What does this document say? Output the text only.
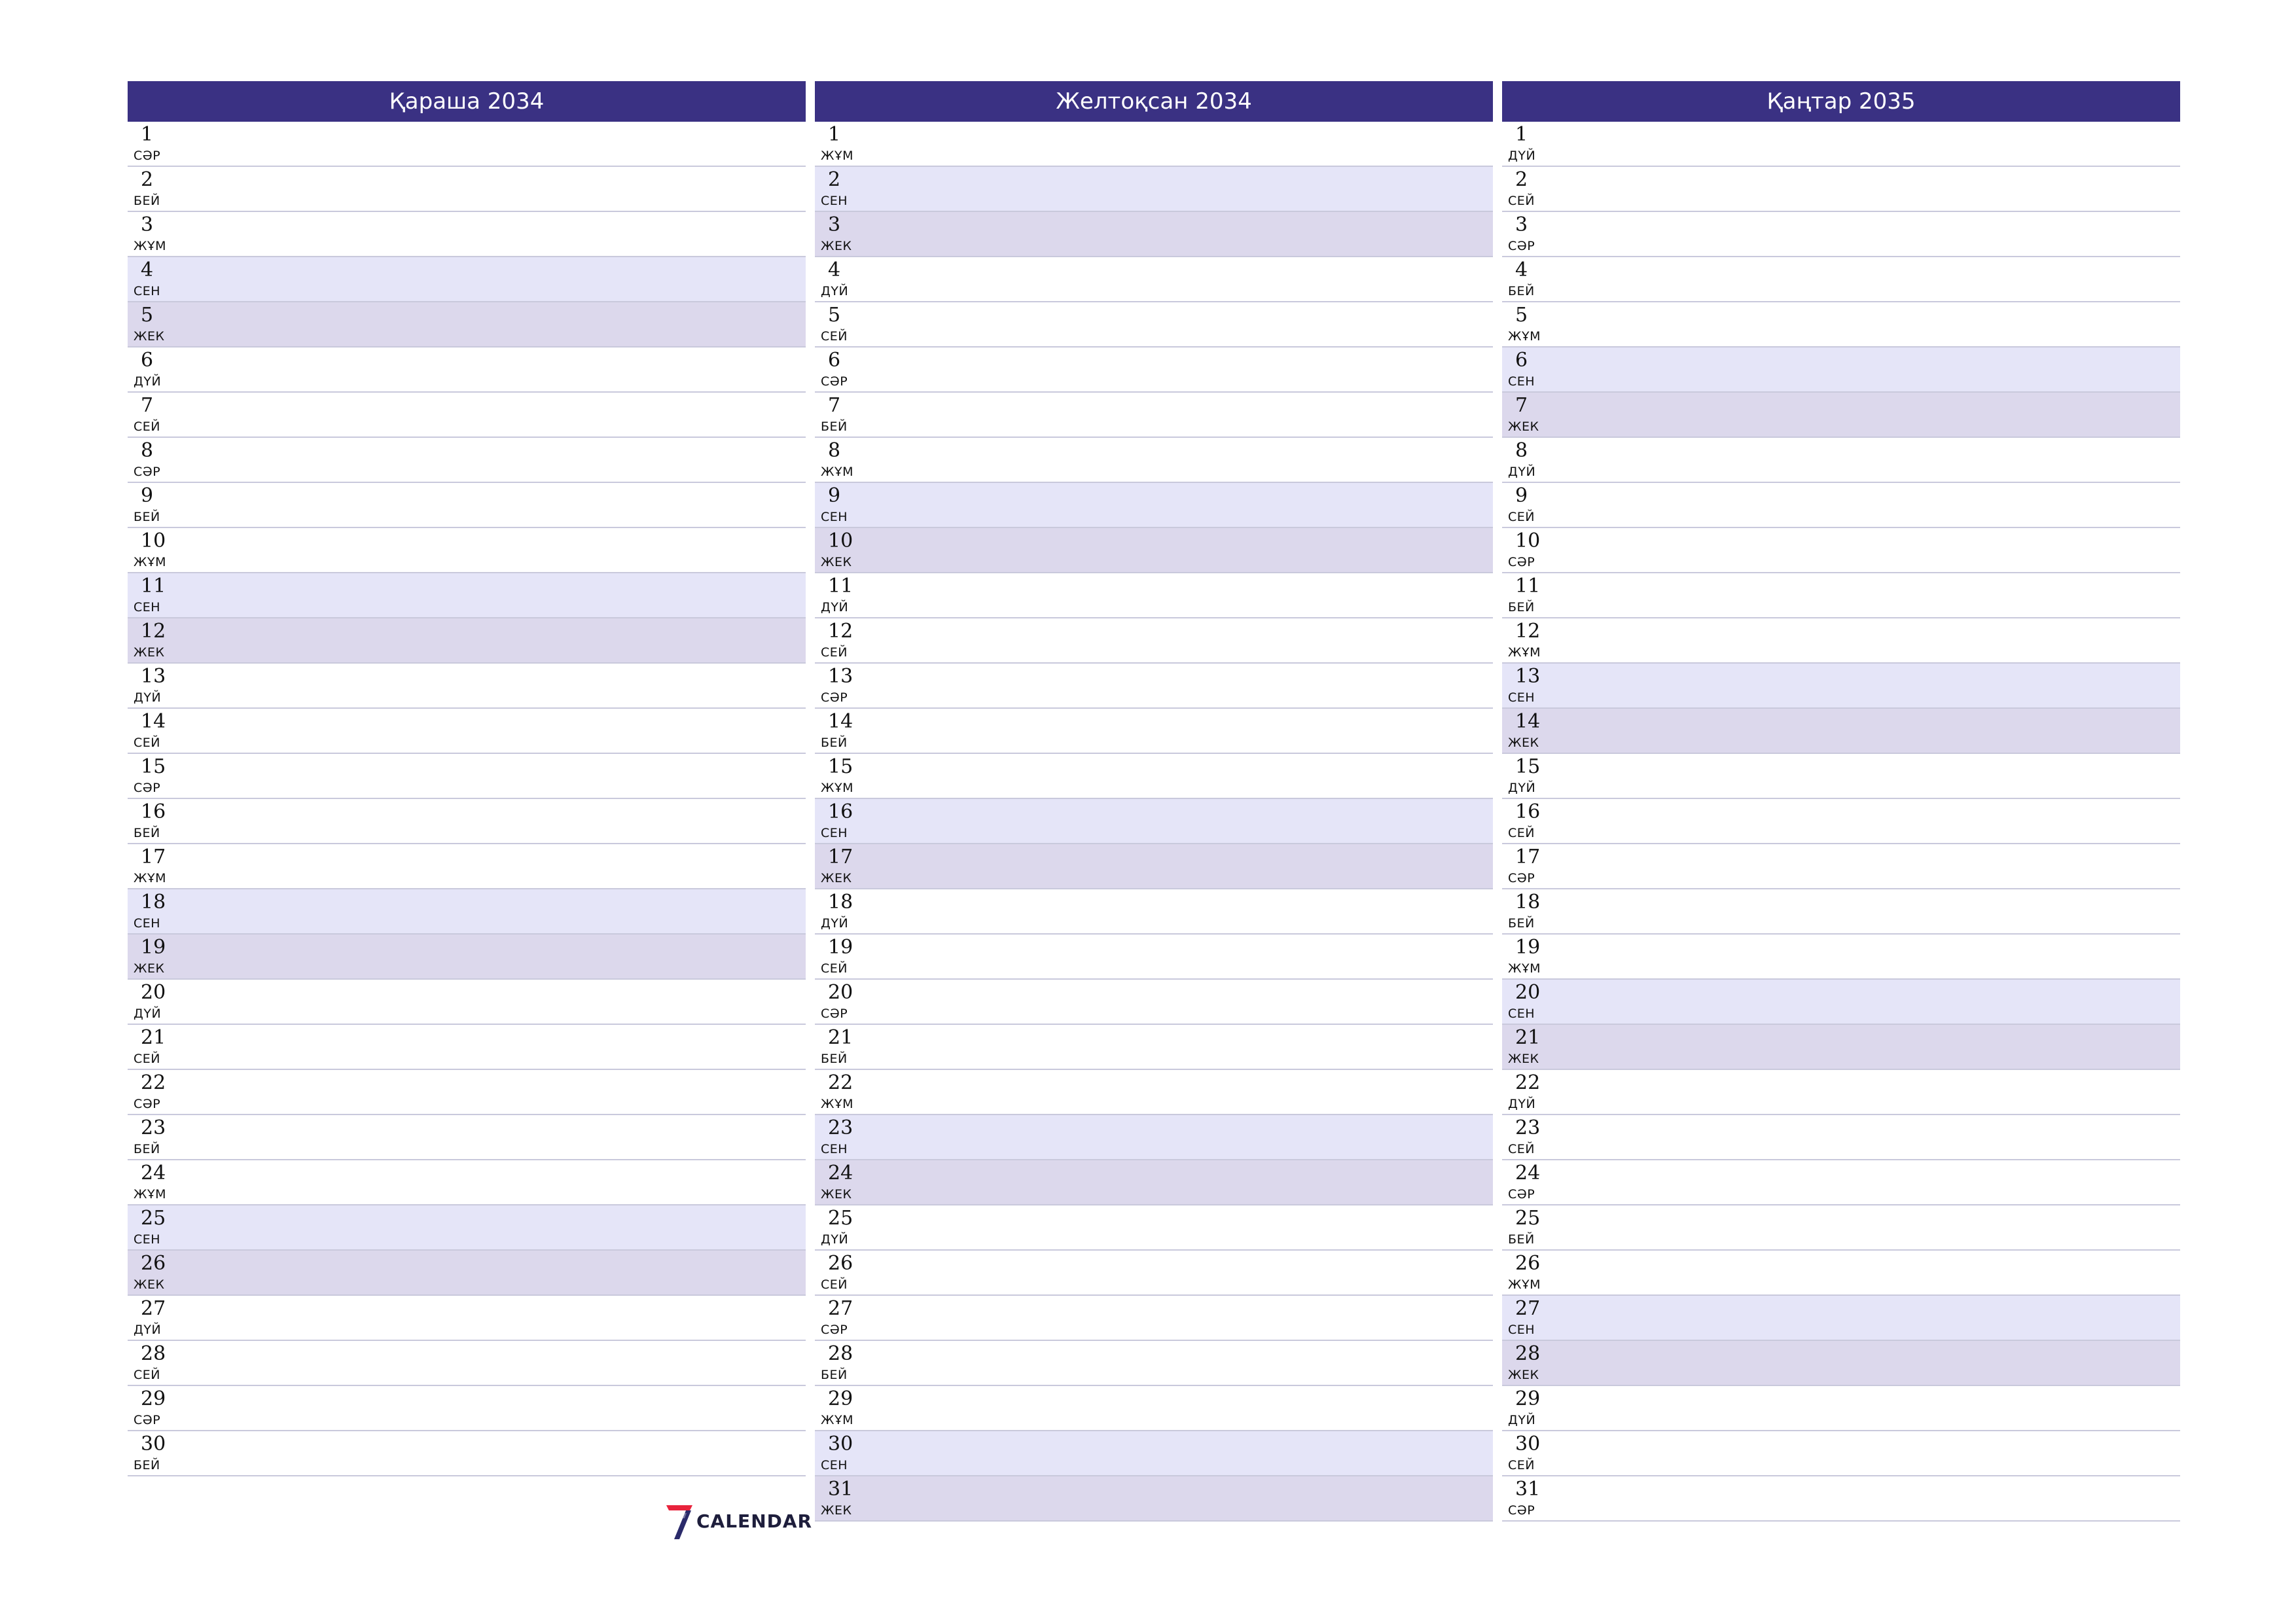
Қараша 2034
1
СӘР
2
БЕЙ
3
ЖҰМ
4
СЕН
5
ЖЕК
6
ДҮЙ
7
СЕЙ
8
СӘР
9
БЕЙ
10
ЖҰМ
11
СЕН
12
ЖЕК
13
ДҮЙ
14
СЕЙ
15
СӘР
16
БЕЙ
17
ЖҰМ
18
СЕН
19
ЖЕК
20
ДҮЙ
21
СЕЙ
22
СӘР
23
БЕЙ
24
ЖҰМ
25
СЕН
26
ЖЕК
27
ДҮЙ
28
СЕЙ
29
СӘР
30
БЕЙ
Желтоқсан 2034
1
ЖҰМ
2
СЕН
3
ЖЕК
4
ДҮЙ
5
СЕЙ
6
СӘР
7
БЕЙ
8
ЖҰМ
9
СЕН
10
ЖЕК
11
ДҮЙ
12
СЕЙ
13
СӘР
14
БЕЙ
15
ЖҰМ
16
СЕН
17
ЖЕК
18
ДҮЙ
19
СЕЙ
20
СӘР
21
БЕЙ
22
ЖҰМ
23
СЕН
24
ЖЕК
25
ДҮЙ
26
СЕЙ
27
СӘР
28
БЕЙ
29
ЖҰМ
30
СЕН
31
ЖЕК
Қаңтар 2035
1
ДҮЙ
2
СЕЙ
3
СӘР
4
БЕЙ
5
ЖҰМ
6
СЕН
7
ЖЕК
8
ДҮЙ
9
СЕЙ
10
СӘР
11
БЕЙ
12
ЖҰМ
13
СЕН
14
ЖЕК
15
ДҮЙ
16
СЕЙ
17
СӘР
18
БЕЙ
19
ЖҰМ
20
СЕН
21
ЖЕК
22
ДҮЙ
23
СЕЙ
24
СӘР
25
БЕЙ
26
ЖҰМ
27
СЕН
28
ЖЕК
29
ДҮЙ
30
СЕЙ
31
СӘР
CALENDAR
